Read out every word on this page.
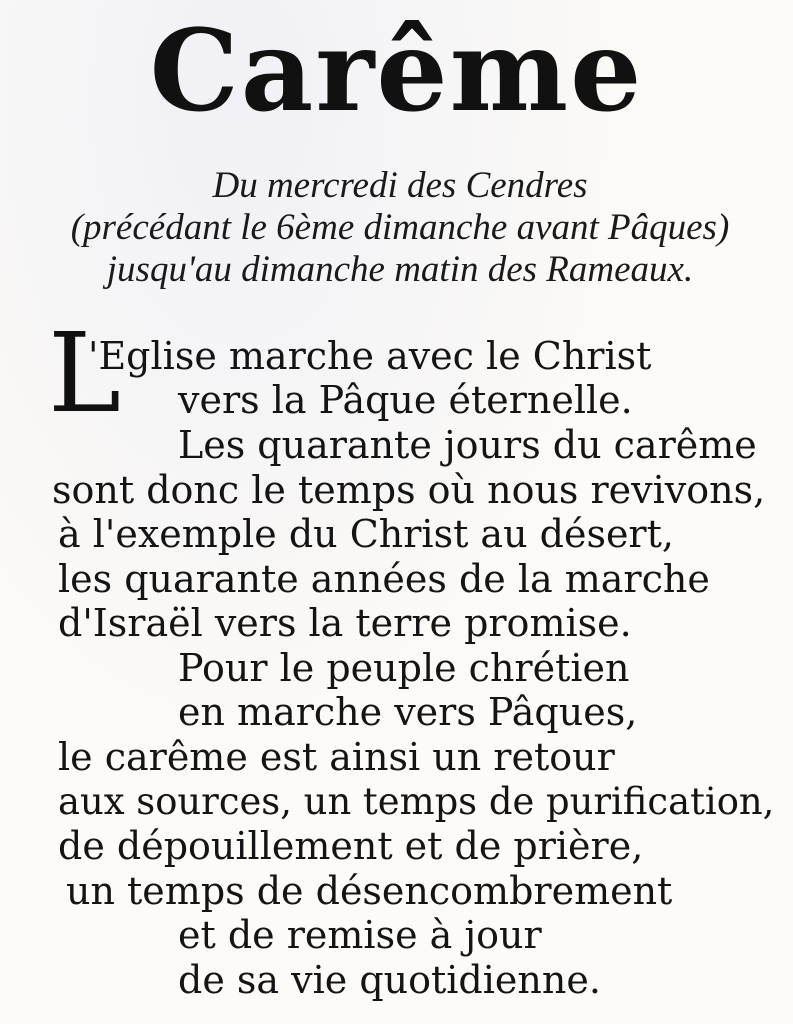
Carême
Du mercredi des Cendres
(précédant le 6ème dimanche avant Pâques)
jusqu'au dimanche matin des Rameaux.
L
'Eglise marche avec le Christ
vers la Pâque éternelle.
Les quarante jours du carême
sont donc le temps où nous revivons,
à l'exemple du Christ au désert,
les quarante années de la marche
d'Israël vers la terre promise.
Pour le peuple chrétien
en marche vers Pâques,
le carême est ainsi un retour
aux sources, un temps de purification,
de dépouillement et de prière,
un temps de désencombrement
et de remise à jour
de sa vie quotidienne.
